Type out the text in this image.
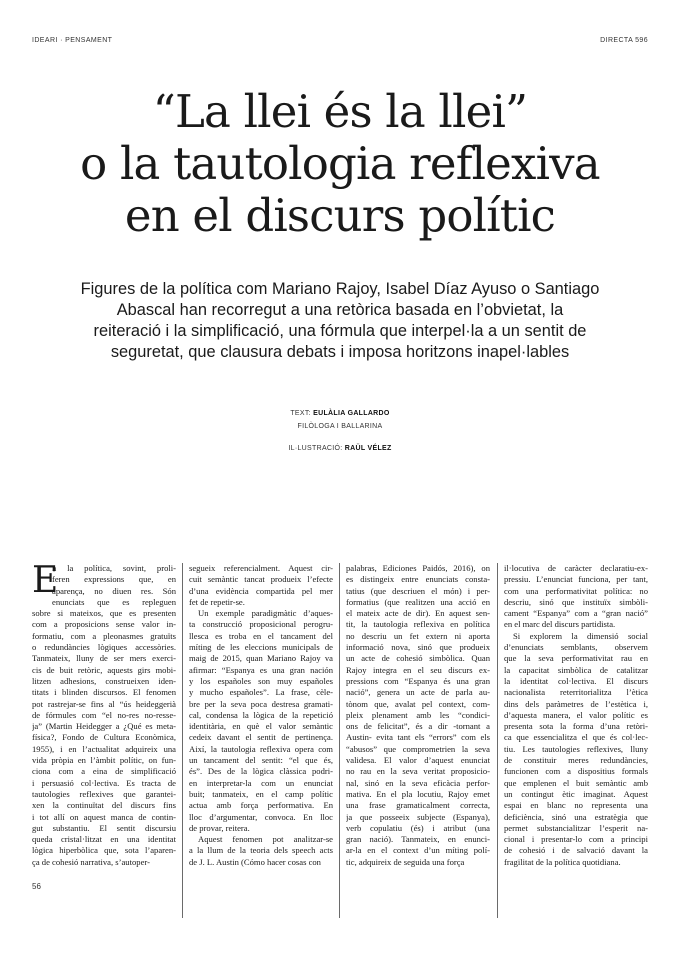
IDEARI · PENSAMENT	DIRECTA 596
“La llei és la llei”
o la tautologia reflexiva
en el discurs polític
Figures de la política com Mariano Rajoy, Isabel Díaz Ayuso o Santiago
Abascal han recorregut a una retòrica basada en l’obvietat, la
reiteració i la simplificació, una fórmula que interpel·la a un sentit de
seguretat, que clausura debats i imposa horitzons inapel·lables
TEXT: EULÀLIA GALLARDO
FILÒLOGA I BALLARINA
IL·LUSTRACIÓ: RAÜL VÉLEZ
E
n la política, sovint, proli-
feren expressions que, en
aparença, no diuen res. Són
enunciats que es repleguen
sobre si mateixos, que es presenten
com a proposicions sense valor in-
formatiu, com a pleonasmes gratuïts
o redundàncies lògiques accessòries.
Tanmateix, lluny de ser mers exerci-
cis de buit retòric, aquests girs mobi-
litzen adhesions, construeixen iden-
titats i blinden discursos. El fenomen
pot rastrejar-se fins al “ús heideggerià
de fórmules com “el no-res no-resse-
ja” (Martin Heidegger a ¿Qué es meta-
física?, Fondo de Cultura Econòmica,
1955), i en l’actualitat adquireix una
vida pròpia en l’àmbit polític, on fun-
ciona com a eina de simplificació
i persuasió col·lectiva. Es tracta de
tautologies reflexives que garantei-
xen la continuïtat del discurs fins
i tot allí on aquest manca de contin-
gut substantiu. El sentit discursiu
queda cristal·litzat en una identitat
lògica hiperbòlica que, sota l’aparen-
ça de cohesió narrativa, s’autoper-
segueix referencialment. Aquest cir-
cuit semàntic tancat produeix l’efecte
d’una evidència compartida pel mer
fet de repetir-se.
Un exemple paradigmàtic d’aques-
ta construcció proposicional perogru-
llesca es troba en el tancament del
míting de les eleccions municipals de
maig de 2015, quan Mariano Rajoy va
afirmar: “Espanya es una gran nación
y los españoles son muy españoles
y mucho españoles”. La frase, cèle-
bre per la seva poca destresa gramati-
cal, condensa la lògica de la repetició
identitària, en què el valor semàntic
cedeix davant el sentit de pertinença.
Així, la tautologia reflexiva opera com
un tancament del sentit: “el que és,
és”. Des de la lògica clàssica podri-
en interpretar-la com un enunciat
buit; tanmateix, en el camp polític
actua amb força performativa. En
lloc d’argumentar, convoca. En lloc
de provar, reitera.
Aquest fenomen pot analitzar-se
a la llum de la teoria dels speech acts
de J. L. Austin (Cómo hacer cosas con
palabras, Ediciones Paidós, 2016), on
es distingeix entre enunciats consta-
tatius (que descriuen el món) i per-
formatius (que realitzen una acció en
el mateix acte de dir). En aquest sen-
tit, la tautologia reflexiva en política
no descriu un fet extern ni aporta
informació nova, sinó que produeix
un acte de cohesió simbòlica. Quan
Rajoy integra en el seu discurs ex-
pressions com “Espanya és una gran
nació”, genera un acte de parla au-
tònom que, avalat pel context, com-
pleix plenament amb les “condici-
ons de felicitat”, és a dir -tornant a
Austin- evita tant els “errors” com els
“abusos” que comprometrien la seva
validesa. El valor d’aquest enunciat
no rau en la seva veritat proposicio-
nal, sinó en la seva eficàcia perfor-
mativa. En el pla locutiu, Rajoy emet
una frase gramaticalment correcta,
ja que posseeix subjecte (Espanya),
verb copulatiu (és) i atribut (una
gran nació). Tanmateix, en enunci-
ar-la en el context d’un míting polí-
tic, adquireix de seguida una força
il·locutiva de caràcter declaratiu-ex-
pressiu. L’enunciat funciona, per tant,
com una performativitat política: no
descriu, sinó que instituïx simbòli-
cament “Espanya” com a “gran nació”
en el marc del discurs partidista.
Si explorem la dimensió social
d’enunciats semblants, observem
que la seva performativitat rau en
la capacitat simbòlica de catalitzar
la identitat col·lectiva. El discurs
nacionalista reterritorialitza l’ètica
dins dels paràmetres de l’estètica i,
d’aquesta manera, el valor polític es
presenta sota la forma d’una retòri-
ca que essencialitza el que és col·lec-
tiu. Les tautologies reflexives, lluny
de constituir meres redundàncies,
funcionen com a dispositius formals
que emplenen el buit semàntic amb
un contingut ètic imaginat. Aquest
espai en blanc no representa una
deficiència, sinó una estratègia que
permet substancialitzar l’esperit na-
cional i presentar-lo com a principi
de cohesió i de salvació davant la
fragilitat de la política quotidiana.
56
